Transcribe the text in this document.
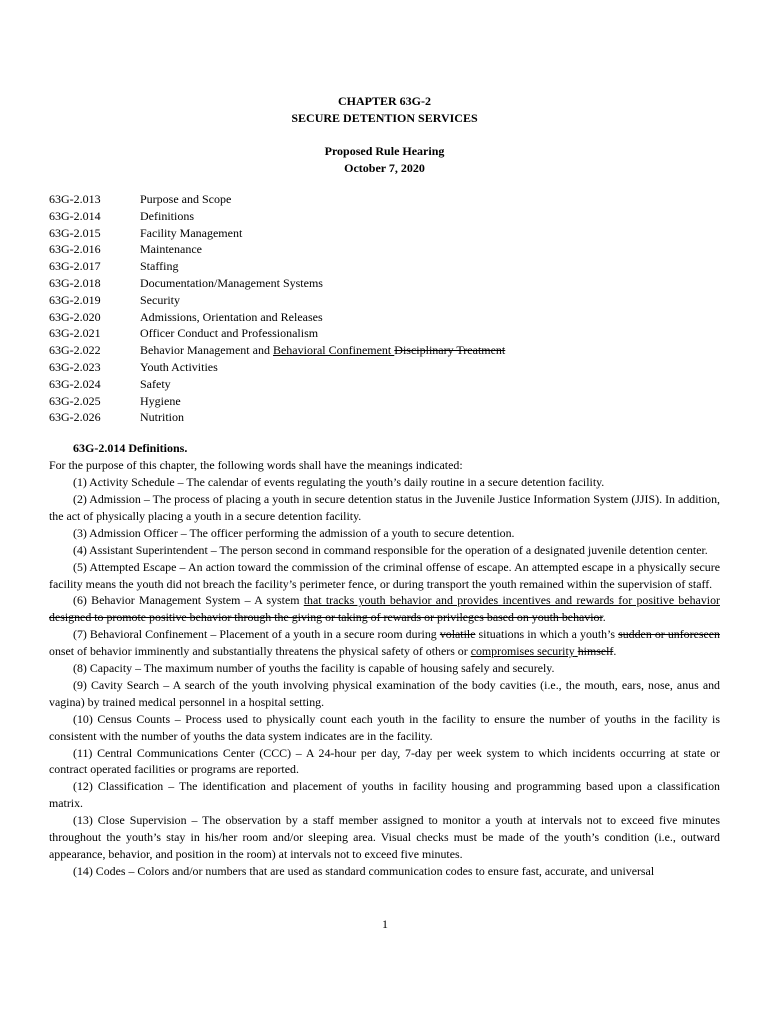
CHAPTER 63G-2

SECURE DETENTION SERVICES

Proposed Rule Hearing

October 7, 2020

63G-2.013	Purpose and Scope
63G-2.014	Definitions
63G-2.015	Facility Management
63G-2.016	Maintenance
63G-2.017	Staffing
63G-2.018	Documentation/Management Systems
63G-2.019	Security
63G-2.020	Admissions, Orientation and Releases
63G-2.021	Officer Conduct and Professionalism
63G-2.022	Behavior Management and Behavioral Confinement Disciplinary Treatment
63G-2.023	Youth Activities
63G-2.024	Safety
63G-2.025	Hygiene
63G-2.026	Nutrition

63G-2.014 Definitions.

For the purpose of this chapter, the following words shall have the meanings indicated:

(1) Activity Schedule – The calendar of events regulating the youth’s daily routine in a secure detention facility.

(2) Admission – The process of placing a youth in secure detention status in the Juvenile Justice Information System (JJIS). In addition, the act of physically placing a youth in a secure detention facility.

(3) Admission Officer – The officer performing the admission of a youth to secure detention.

(4) Assistant Superintendent – The person second in command responsible for the operation of a designated juvenile detention center.

(5) Attempted Escape – An action toward the commission of the criminal offense of escape. An attempted escape in a physically secure facility means the youth did not breach the facility’s perimeter fence, or during transport the youth remained within the supervision of staff.

(6) Behavior Management System – A system that tracks youth behavior and provides incentives and rewards for positive behavior designed to promote positive behavior through the giving or taking of rewards or privileges based on youth behavior.

(7) Behavioral Confinement – Placement of a youth in a secure room during volatile situations in which a youth’s sudden or unforeseen onset of behavior imminently and substantially threatens the physical safety of others or compromises security himself.

(8) Capacity – The maximum number of youths the facility is capable of housing safely and securely.

(9) Cavity Search – A search of the youth involving physical examination of the body cavities (i.e., the mouth, ears, nose, anus and vagina) by trained medical personnel in a hospital setting.

(10) Census Counts – Process used to physically count each youth in the facility to ensure the number of youths in the facility is consistent with the number of youths the data system indicates are in the facility.

(11) Central Communications Center (CCC) – A 24-hour per day, 7-day per week system to which incidents occurring at state or contract operated facilities or programs are reported.

(12) Classification – The identification and placement of youths in facility housing and programming based upon a classification matrix.

(13) Close Supervision – The observation by a staff member assigned to monitor a youth at intervals not to exceed five minutes throughout the youth’s stay in his/her room and/or sleeping area. Visual checks must be made of the youth’s condition (i.e., outward appearance, behavior, and position in the room) at intervals not to exceed five minutes.

(14) Codes – Colors and/or numbers that are used as standard communication codes to ensure fast, accurate, and universal

1
